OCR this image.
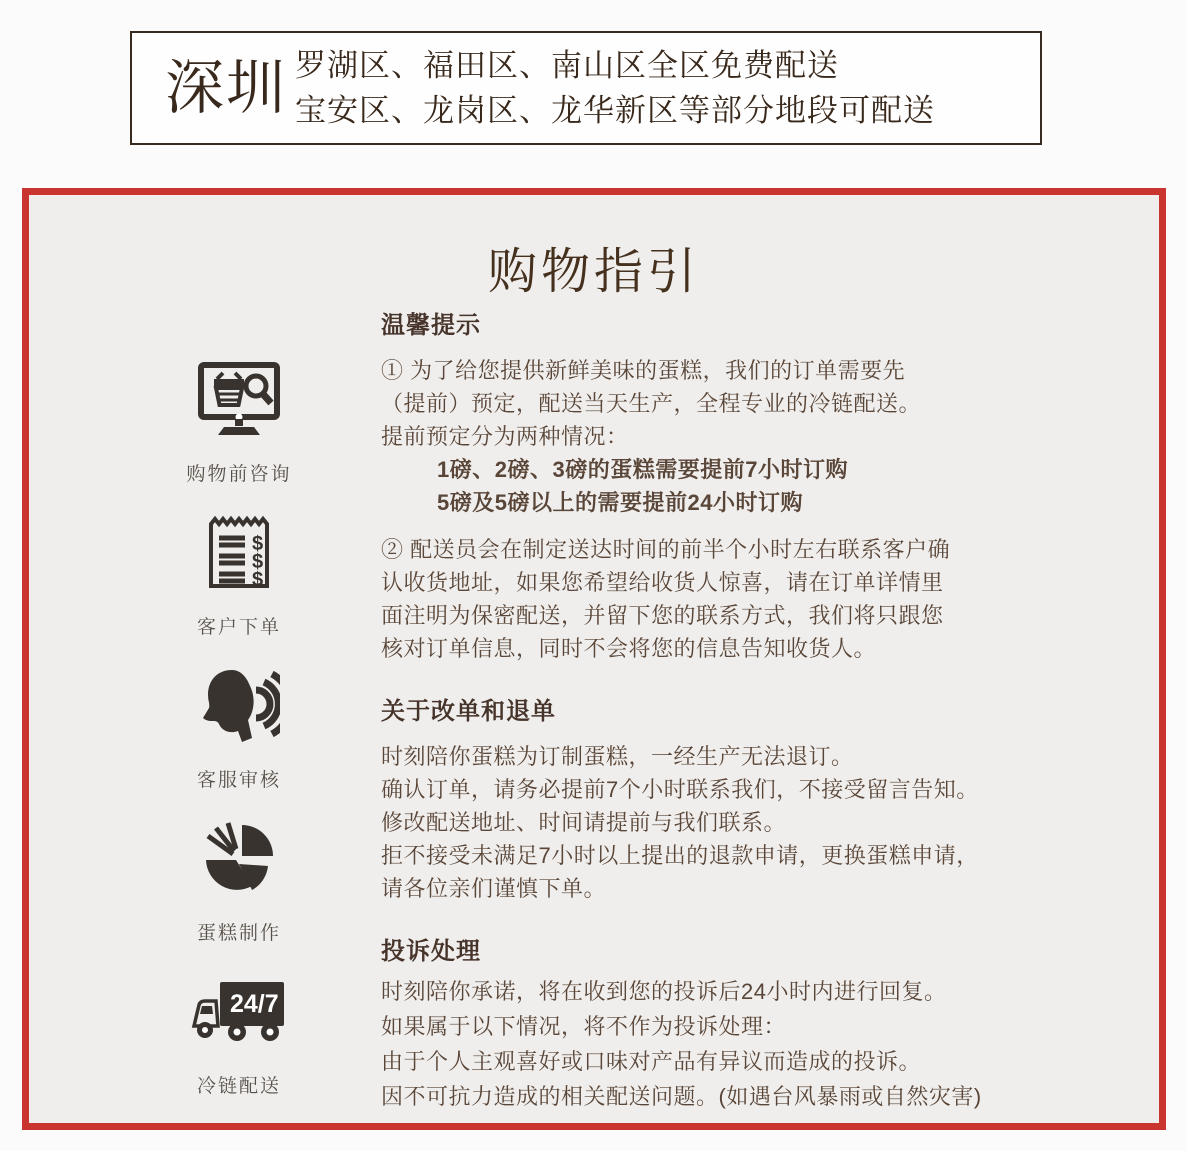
深圳 罗湖区、福田区、南山区全区免费配送
宝安区、龙岗区、龙华新区等部分地段可配送
购物指引
购物前咨询
$
$
$
客户下单
客服审核
蛋糕制作
24/7
冷链配送
温馨提示
① 为了给您提供新鲜美味的蛋糕，我们的订单需要先
（提前）预定，配送当天生产，全程专业的冷链配送。
提前预定分为两种情况：
1磅、2磅、3磅的蛋糕需要提前7小时订购
5磅及5磅以上的需要提前24小时订购
② 配送员会在制定送达时间的前半个小时左右联系客户确
认收货地址，如果您希望给收货人惊喜，请在订单详情里
面注明为保密配送，并留下您的联系方式，我们将只跟您
核对订单信息，同时不会将您的信息告知收货人。
关于改单和退单
时刻陪你蛋糕为订制蛋糕，一经生产无法退订。
确认订单，请务必提前7个小时联系我们，不接受留言告知。
修改配送地址、时间请提前与我们联系。
拒不接受未满足7小时以上提出的退款申请，更换蛋糕申请，
请各位亲们谨慎下单。
投诉处理
时刻陪你承诺，将在收到您的投诉后24小时内进行回复。
如果属于以下情况，将不作为投诉处理：
由于个人主观喜好或口味对产品有异议而造成的投诉。
因不可抗力造成的相关配送问题。(如遇台风暴雨或自然灾害)
